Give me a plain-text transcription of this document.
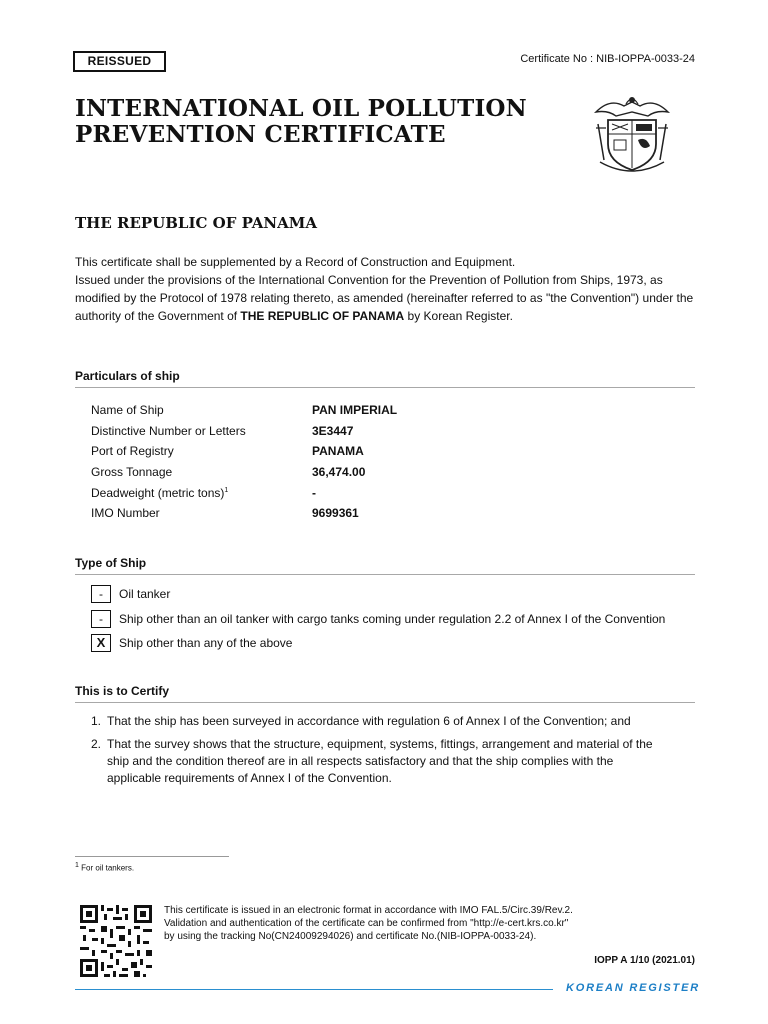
REISSUED	Certificate No : NIB-IOPPA-0033-24
INTERNATIONAL OIL POLLUTION
PREVENTION CERTIFICATE
THE REPUBLIC OF PANAMA

This certificate shall be supplemented by a Record of Construction and Equipment.

Issued under the provisions of the International Convention for the Prevention of Pollution from Ships, 1973, as modified by the Protocol of 1978 relating thereto, as amended (hereinafter referred to as "the Convention") under the authority of the Government of THE REPUBLIC OF PANAMA by Korean Register.

Particulars of ship
Name of Ship	PAN IMPERIAL
Distinctive Number or Letters	3E3447
Port of Registry	PANAMA
Gross Tonnage	36,474.00
Deadweight (metric tons)$^1$	-
IMO Number	9699361
Type of Ship
-	Oil tanker
-	Ship other than an oil tanker with cargo tanks coming under regulation 2.2 of Annex I of the Convention
X	Ship other than any of the above
This is to Certify
1. That the ship has been surveyed in accordance with regulation 6 of Annex I of the Convention; and
2. That the survey shows that the structure, equipment, systems, fittings, arrangement and material of the ship and the condition thereof are in all respects satisfactory and that the ship complies with the applicable requirements of Annex I of the Convention.
1 For oil tankers.
This certificate is issued in an electronic format in accordance with IMO FAL.5/Circ.39/Rev.2.
Validation and authentication of the certificate can be confirmed from "http://e-cert.krs.co.kr"
by using the tracking No(CN24009294026) and certificate No.(NIB-IOPPA-0033-24).
IOPP A 1/10 (2021.01)
KOREAN REGISTER
